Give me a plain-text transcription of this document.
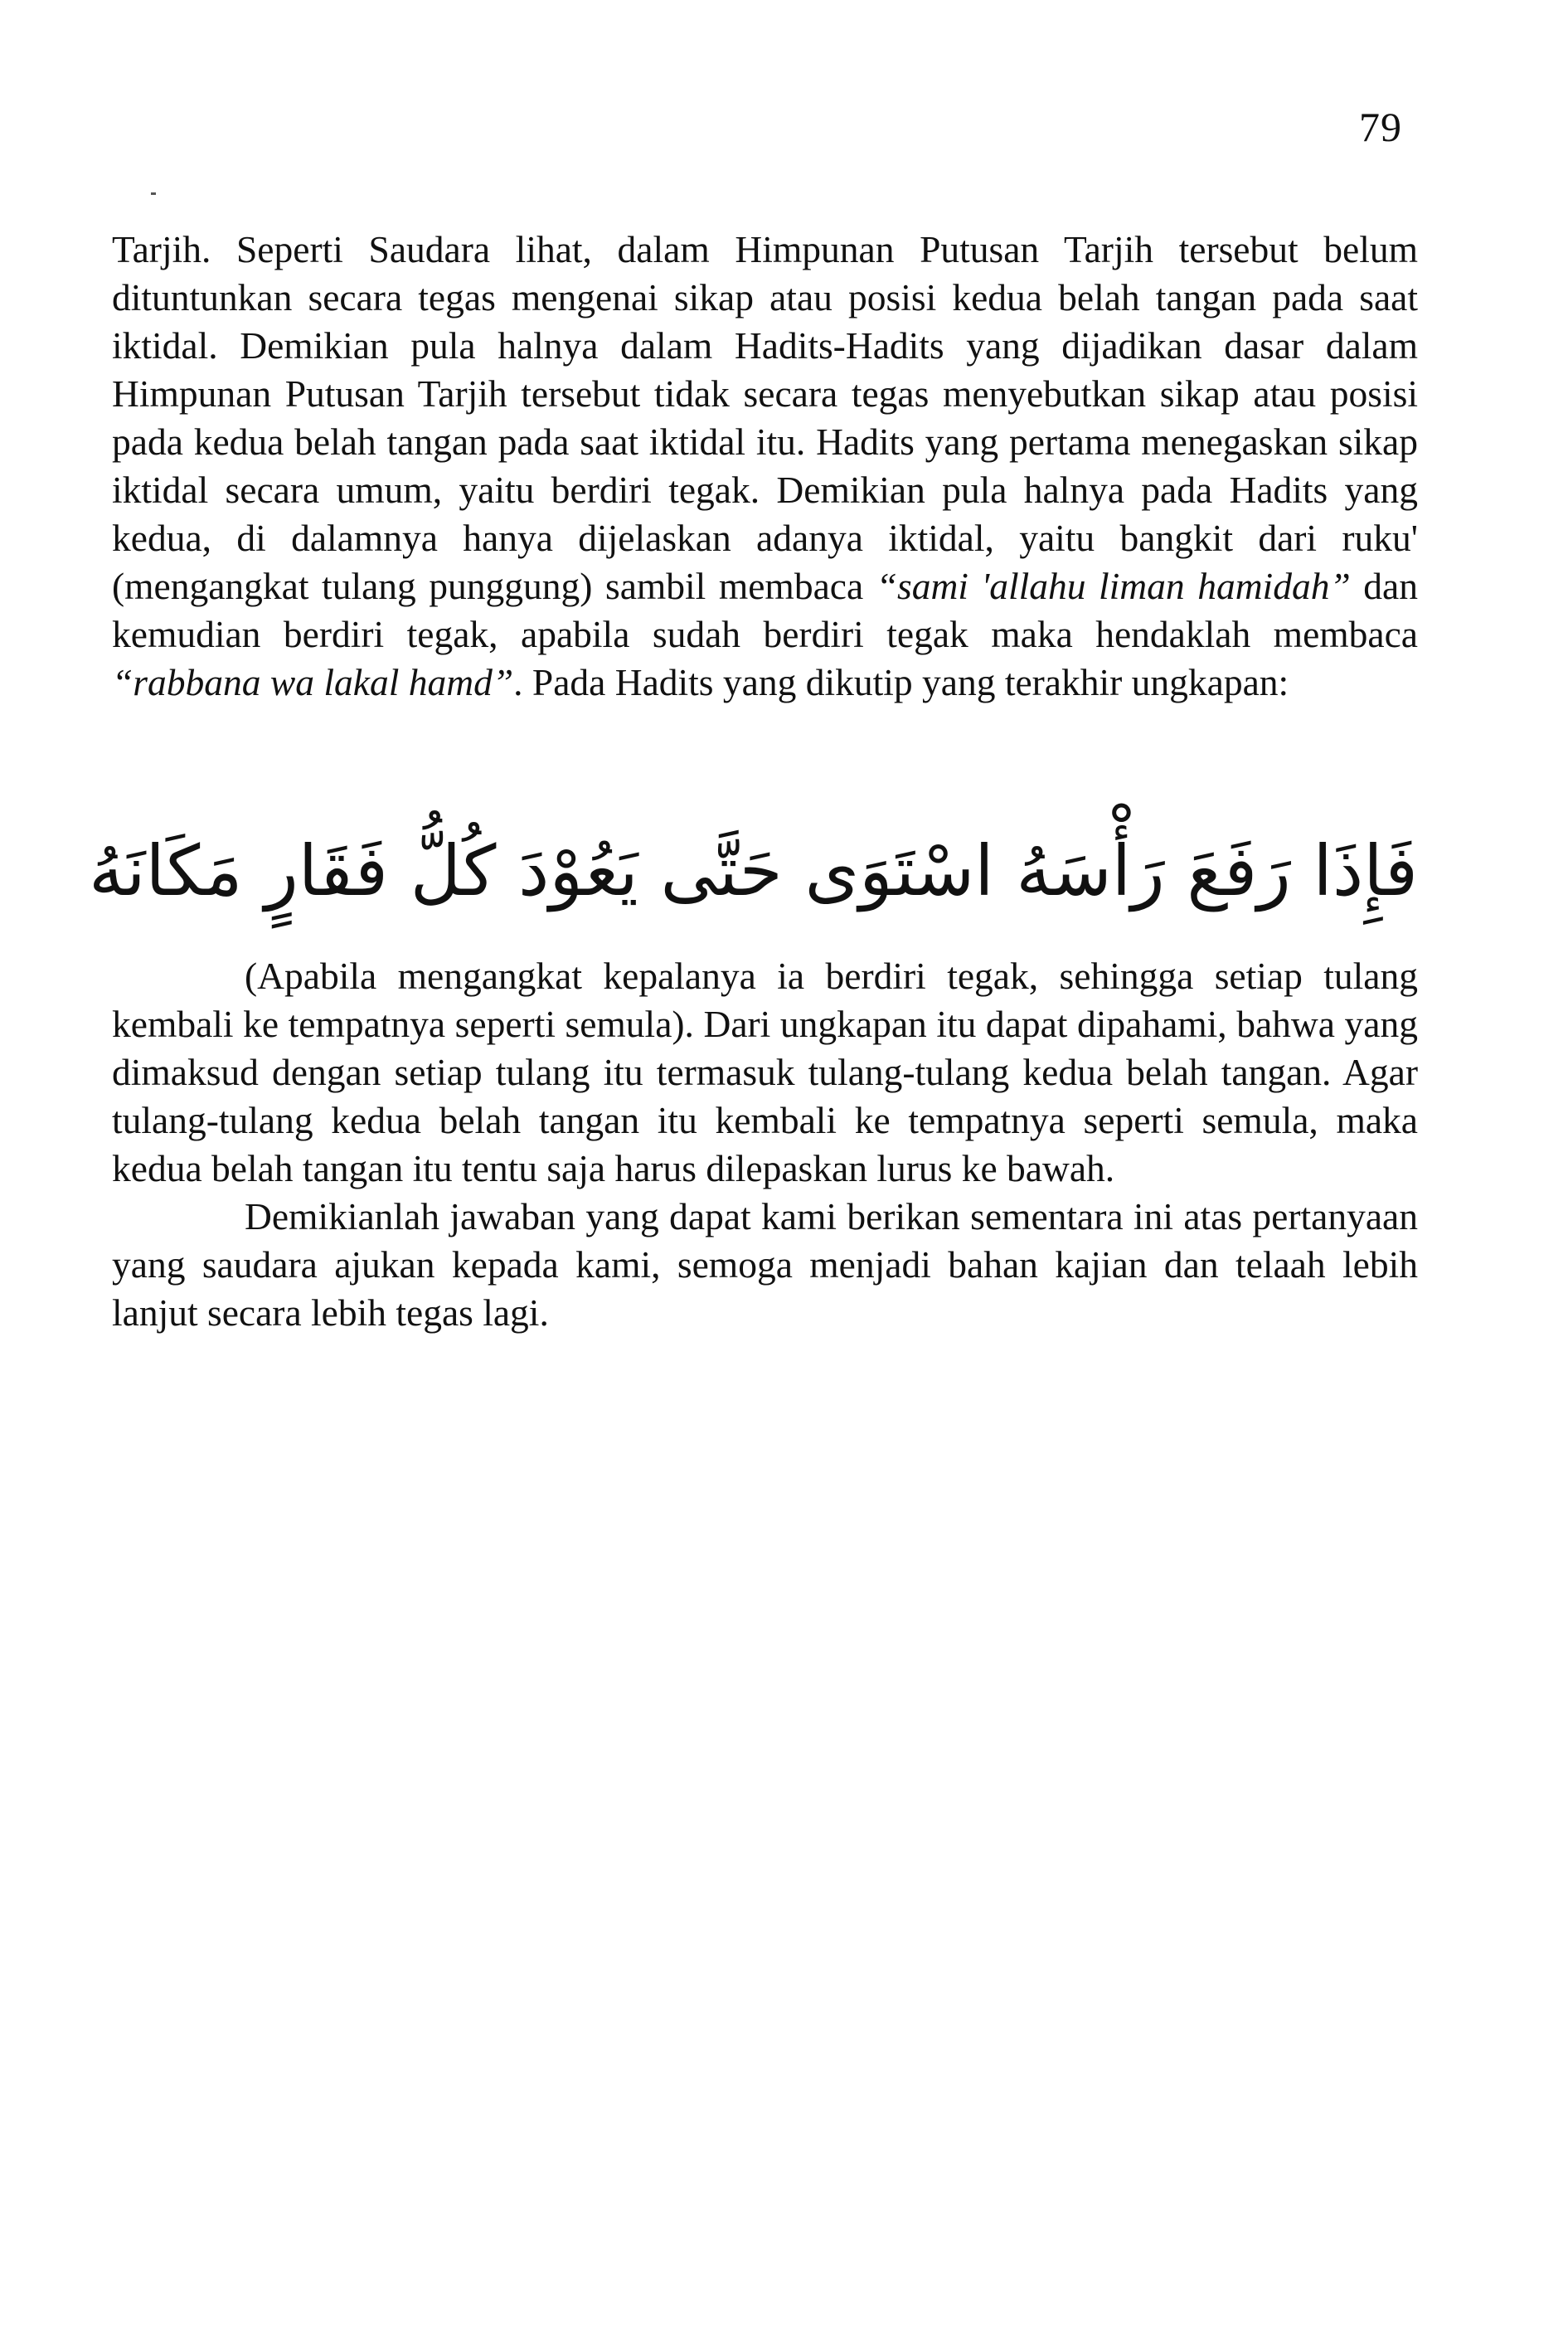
79

Tarjih. Seperti Saudara lihat, dalam Himpunan Putusan Tarjih tersebut belum dituntunkan secara tegas mengenai sikap atau posisi kedua belah tangan pada saat iktidal. Demikian pula halnya dalam Hadits-Hadits yang dijadikan dasar dalam Himpunan Putusan Tarjih tersebut tidak secara tegas menyebutkan sikap atau posisi pada kedua belah tangan pada saat iktidal itu. Hadits yang pertama menegaskan sikap iktidal secara umum, yaitu berdiri tegak. Demikian pula halnya pada Hadits yang kedua, di dalamnya hanya dijelaskan adanya iktidal, yaitu bangkit dari ruku' (mengangkat tulang punggung) sambil membaca “sami 'allahu liman hamidah” dan kemudian berdiri tegak, apabila sudah berdiri tegak maka hendaklah membaca “rabbana wa lakal hamd”. Pada Hadits yang dikutip yang terakhir ungkapan:

فَإِذَا رَفَعَ رَأْسَهُ اسْتَوَى حَتَّى يَعُوْدَ كُلُّ فَقَارٍ مَكَانَهُ

(Apabila mengangkat kepalanya ia berdiri tegak, sehingga setiap tulang kembali ke tempatnya seperti semula). Dari ungkapan itu dapat dipahami, bahwa yang dimaksud dengan setiap tulang itu termasuk tulang-tulang kedua belah tangan. Agar tulang-tulang kedua belah tangan itu kembali ke tempatnya seperti semula, maka kedua belah tangan itu tentu saja harus dilepaskan lurus ke bawah.

Demikianlah jawaban yang dapat kami berikan sementara ini atas pertanyaan yang saudara ajukan kepada kami, semoga menjadi bahan kajian dan telaah lebih lanjut secara lebih tegas lagi.
